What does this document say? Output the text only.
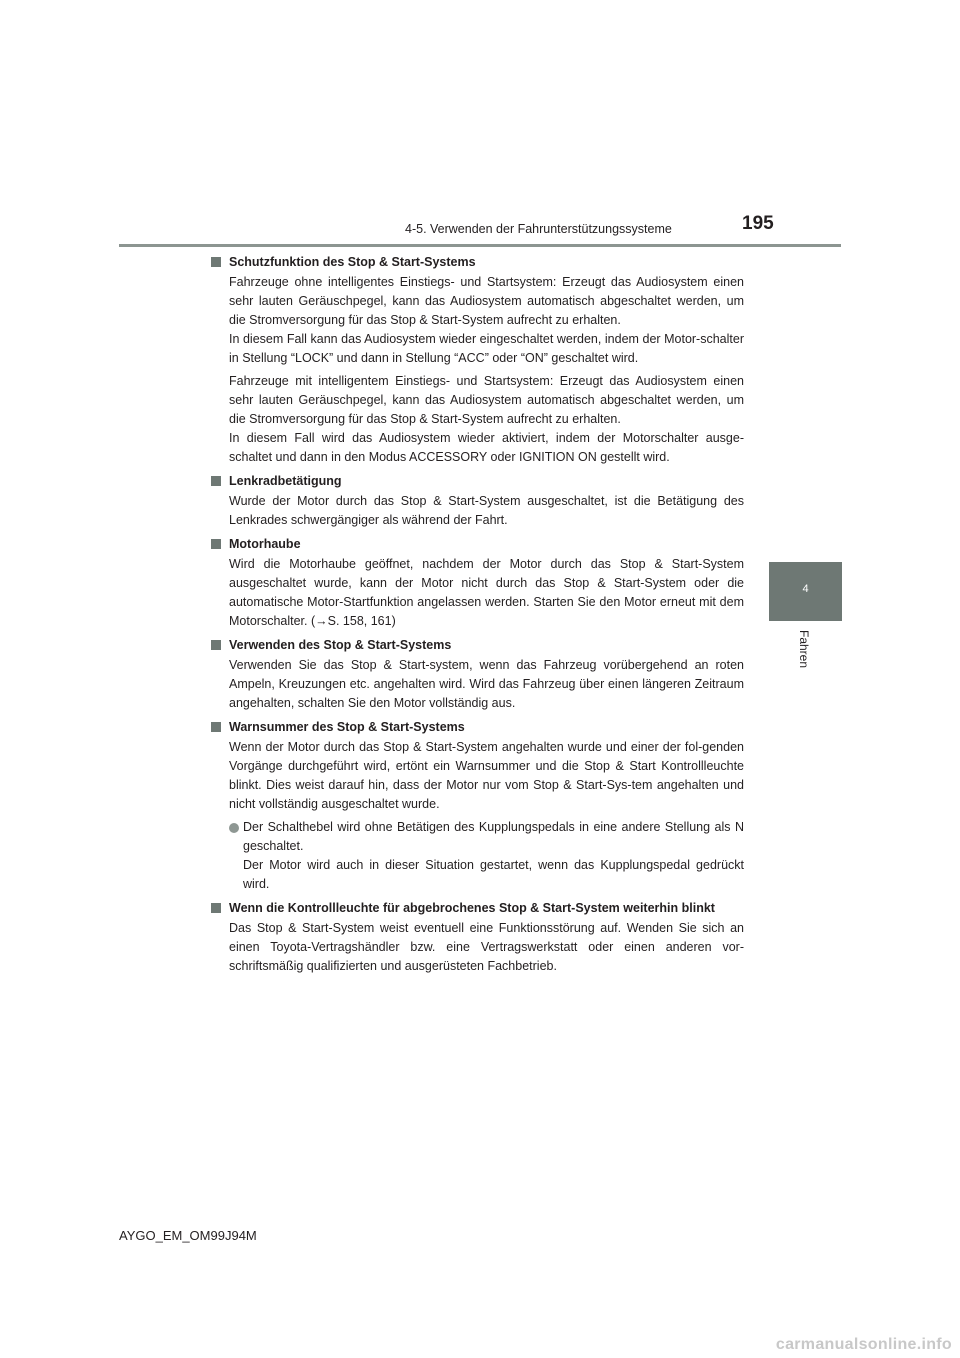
4-5. Verwenden der Fahrunterstützungssysteme	195
4
Fahren
Schutzfunktion des Stop & Start-Systems
Fahrzeuge ohne intelligentes Einstiegs- und Startsystem: Erzeugt das Audiosystem einen sehr lauten Geräuschpegel, kann das Audiosystem automatisch abgeschaltet werden, um die Stromversorgung für das Stop & Start-System aufrecht zu erhalten.
In diesem Fall kann das Audiosystem wieder eingeschaltet werden, indem der Motor-schalter in Stellung “LOCK” und dann in Stellung “ACC” oder “ON” geschaltet wird.
Fahrzeuge mit intelligentem Einstiegs- und Startsystem: Erzeugt das Audiosystem einen sehr lauten Geräuschpegel, kann das Audiosystem automatisch abgeschaltet werden, um die Stromversorgung für das Stop & Start-System aufrecht zu erhalten.
In diesem Fall wird das Audiosystem wieder aktiviert, indem der Motorschalter ausge-schaltet und dann in den Modus ACCESSORY oder IGNITION ON gestellt wird.
Lenkradbetätigung
Wurde der Motor durch das Stop & Start-System ausgeschaltet, ist die Betätigung des Lenkrades schwergängiger als während der Fahrt.
Motorhaube
Wird die Motorhaube geöffnet, nachdem der Motor durch das Stop & Start-System ausgeschaltet wurde, kann der Motor nicht durch das Stop & Start-System oder die automatische Motor-Startfunktion angelassen werden. Starten Sie den Motor erneut mit dem Motorschalter. (→S. 158, 161)
Verwenden des Stop & Start-Systems
Verwenden Sie das Stop & Start-system, wenn das Fahrzeug vorübergehend an roten Ampeln, Kreuzungen etc. angehalten wird. Wird das Fahrzeug über einen längeren Zeitraum angehalten, schalten Sie den Motor vollständig aus.
Warnsummer des Stop & Start-Systems
Wenn der Motor durch das Stop & Start-System angehalten wurde und einer der fol-genden Vorgänge durchgeführt wird, ertönt ein Warnsummer und die Stop & Start Kontrollleuchte blinkt. Dies weist darauf hin, dass der Motor nur vom Stop & Start-Sys-tem angehalten und nicht vollständig ausgeschaltet wurde.
Der Schalthebel wird ohne Betätigen des Kupplungspedals in eine andere Stellung als N geschaltet.
Der Motor wird auch in dieser Situation gestartet, wenn das Kupplungspedal gedrückt wird.
Wenn die Kontrollleuchte für abgebrochenes Stop & Start-System weiterhin blinkt
Das Stop & Start-System weist eventuell eine Funktionsstörung auf. Wenden Sie sich an einen Toyota-Vertragshändler bzw. eine Vertragswerkstatt oder einen anderen vor-schriftsmäßig qualifizierten und ausgerüsteten Fachbetrieb.
AYGO_EM_OM99J94M
carmanualsonline.info
